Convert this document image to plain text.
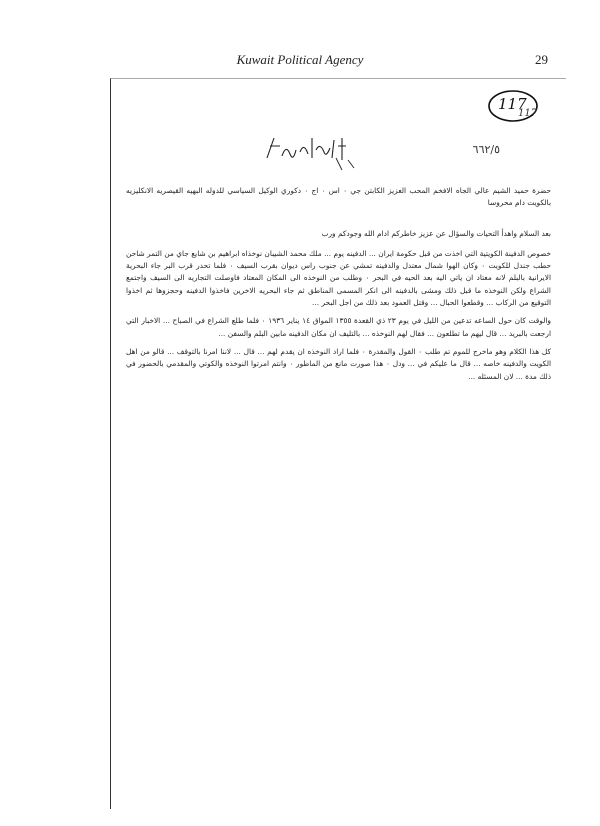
Kuwait Political Agency	29
117
117
٦٦٢/٥

حضرة حميد الشيم عالي الجاه الافخم المحب العزيز الكابتن جي ٠ اس ٠ اج ٠ دكوري الوكيل السياسي للدوله البهيه القيصريه الانكليزيه بالكويت دام محروسا

بعد السلام واهدأ التحيات والسؤال عن عزيز خاطركم ادام الله وجودكم ورب

خصوص الدفينة الكويتية التي اخذت من قبل حكومة ايران ... الدفينه يوم ... ملك محمد الشيبان نوخذاه ابراهيم بن شايع جاي من التمر شاحن حطب جندل للكويت ٠ وكان الهوا شمال معتدل والدفينه تمشي عن جنوب راس ديوان بقرب السيف ٠ فلما تحدر قرب البر جاء البحرية الايرانية بالبلم لانه معتاد ان ياتي اليه بعد الحيه في البحر ٠ وطلب من النوخذه الى المكان المعتاد فاوصلت التجاريه الى السيف واجتمع الشراع ولكن النوخذه ما قبل ذلك ومشى بالدفينه الى انكر المسمى المناطق ثم جاء البحريه الاخرين فاخذوا الدفينه وحجزوها ثم اخذوا التوقيع من الركاب ... وقطعوا الحبال ... وقتل العمود بعد ذلك من اجل البحر ...

والوقت كان حول الساعه تدعين من الليل في يوم ٢٣ ذي القعدة ١٣٥٥ المواق ١٤ يناير ١٩٣٦ ٠ فلما طلع الشراع في الصباح ... الاخبار التي ارجعت بالبريد ... قال ليهم ما تطلعون ... فقال لهم النوخذه ... بالتليف ان مكان الدفينه مابين البلم والسفن ...

كل هذا الكلام وهو ماخرج للموم تم طلب ٠ القول والمقدرة ٠ فلما اراد النوخذه ان يقدم لهم ... قال ... لاننا امرنا بالتوقف ... قالو من اهل الكويت والدفينه خاصه ... قال ما عليكم في ... ودل ٠ هذا صورت مانع من الماطور ٠ وانتم امرتوا النوخذه والكوتي والمقدمي بالحضور في ذلك مدة ... لان المسئله ...
